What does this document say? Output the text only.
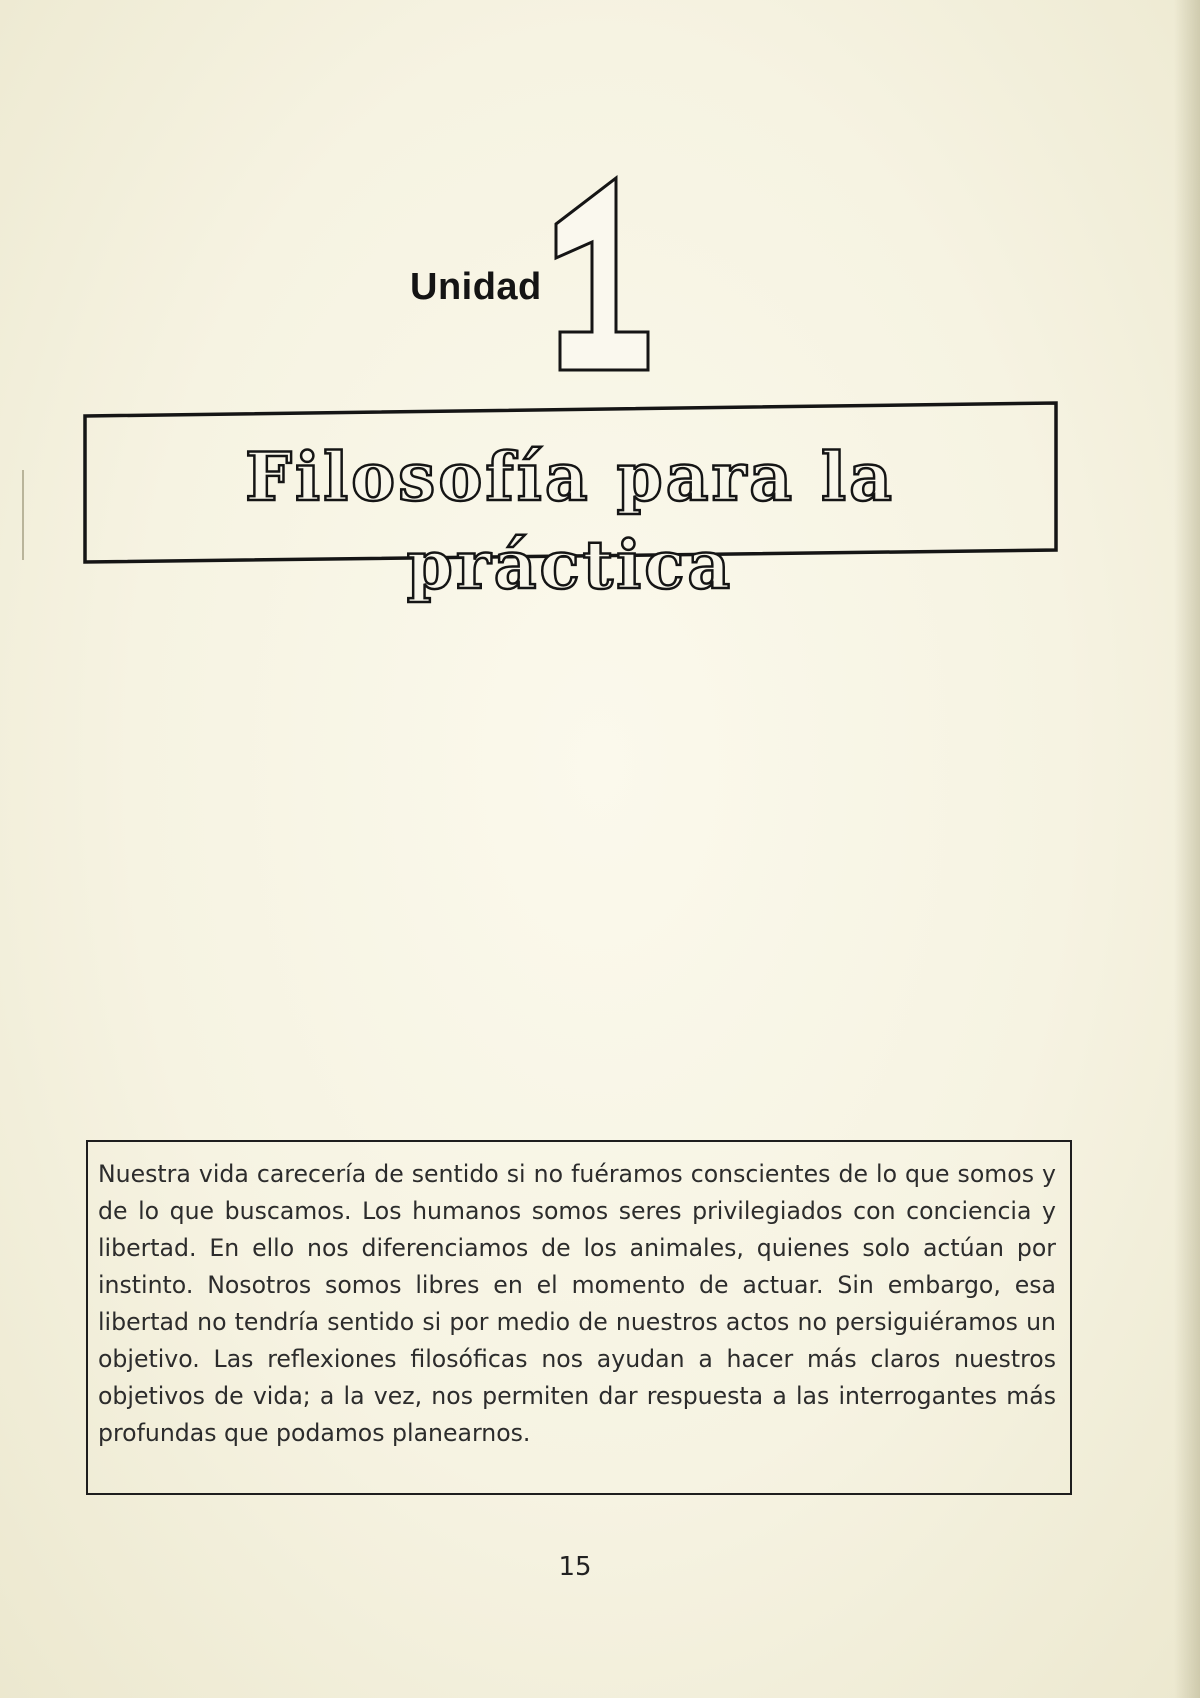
Unidad
Filosofía para la práctica
Nuestra vida carecería de sentido si no fuéramos conscientes de lo que somos y de lo que buscamos. Los humanos somos seres privilegiados con conciencia y libertad. En ello nos diferenciamos de los animales, quienes solo actúan por instinto. Nosotros somos libres en el momento de actuar. Sin embargo, esa libertad no tendría sentido si por medio de nuestros actos no persiguiéramos un objetivo. Las reflexiones filosóficas nos ayudan a hacer más claros nuestros objetivos de vida; a la vez, nos permiten dar respuesta a las interrogantes más profundas que podamos planearnos.
15
